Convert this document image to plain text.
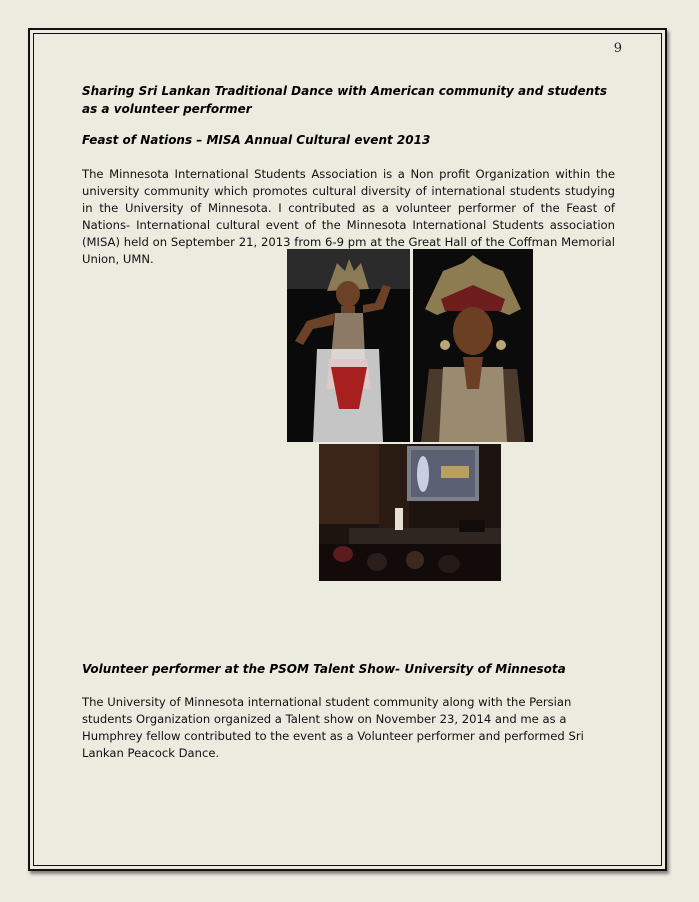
9
Sharing Sri Lankan Traditional Dance with American community and students as a volunteer performer
Feast of Nations – MISA Annual Cultural event 2013
The Minnesota International Students Association is a Non profit Organization within the university community which promotes cultural diversity of international students studying in the University of Minnesota. I contributed as a volunteer performer of the Feast of Nations- International cultural event of the Minnesota International Students association (MISA) held on September 21, 2013 from 6-9 pm at the Great Hall of the Coffman Memorial Union, UMN.
Volunteer performer at the PSOM Talent Show- University of Minnesota
The University of Minnesota international student community along with the Persian students Organization organized a Talent show on November 23, 2014 and me as a Humphrey fellow contributed to the event as a Volunteer performer and performed Sri Lankan Peacock Dance.
